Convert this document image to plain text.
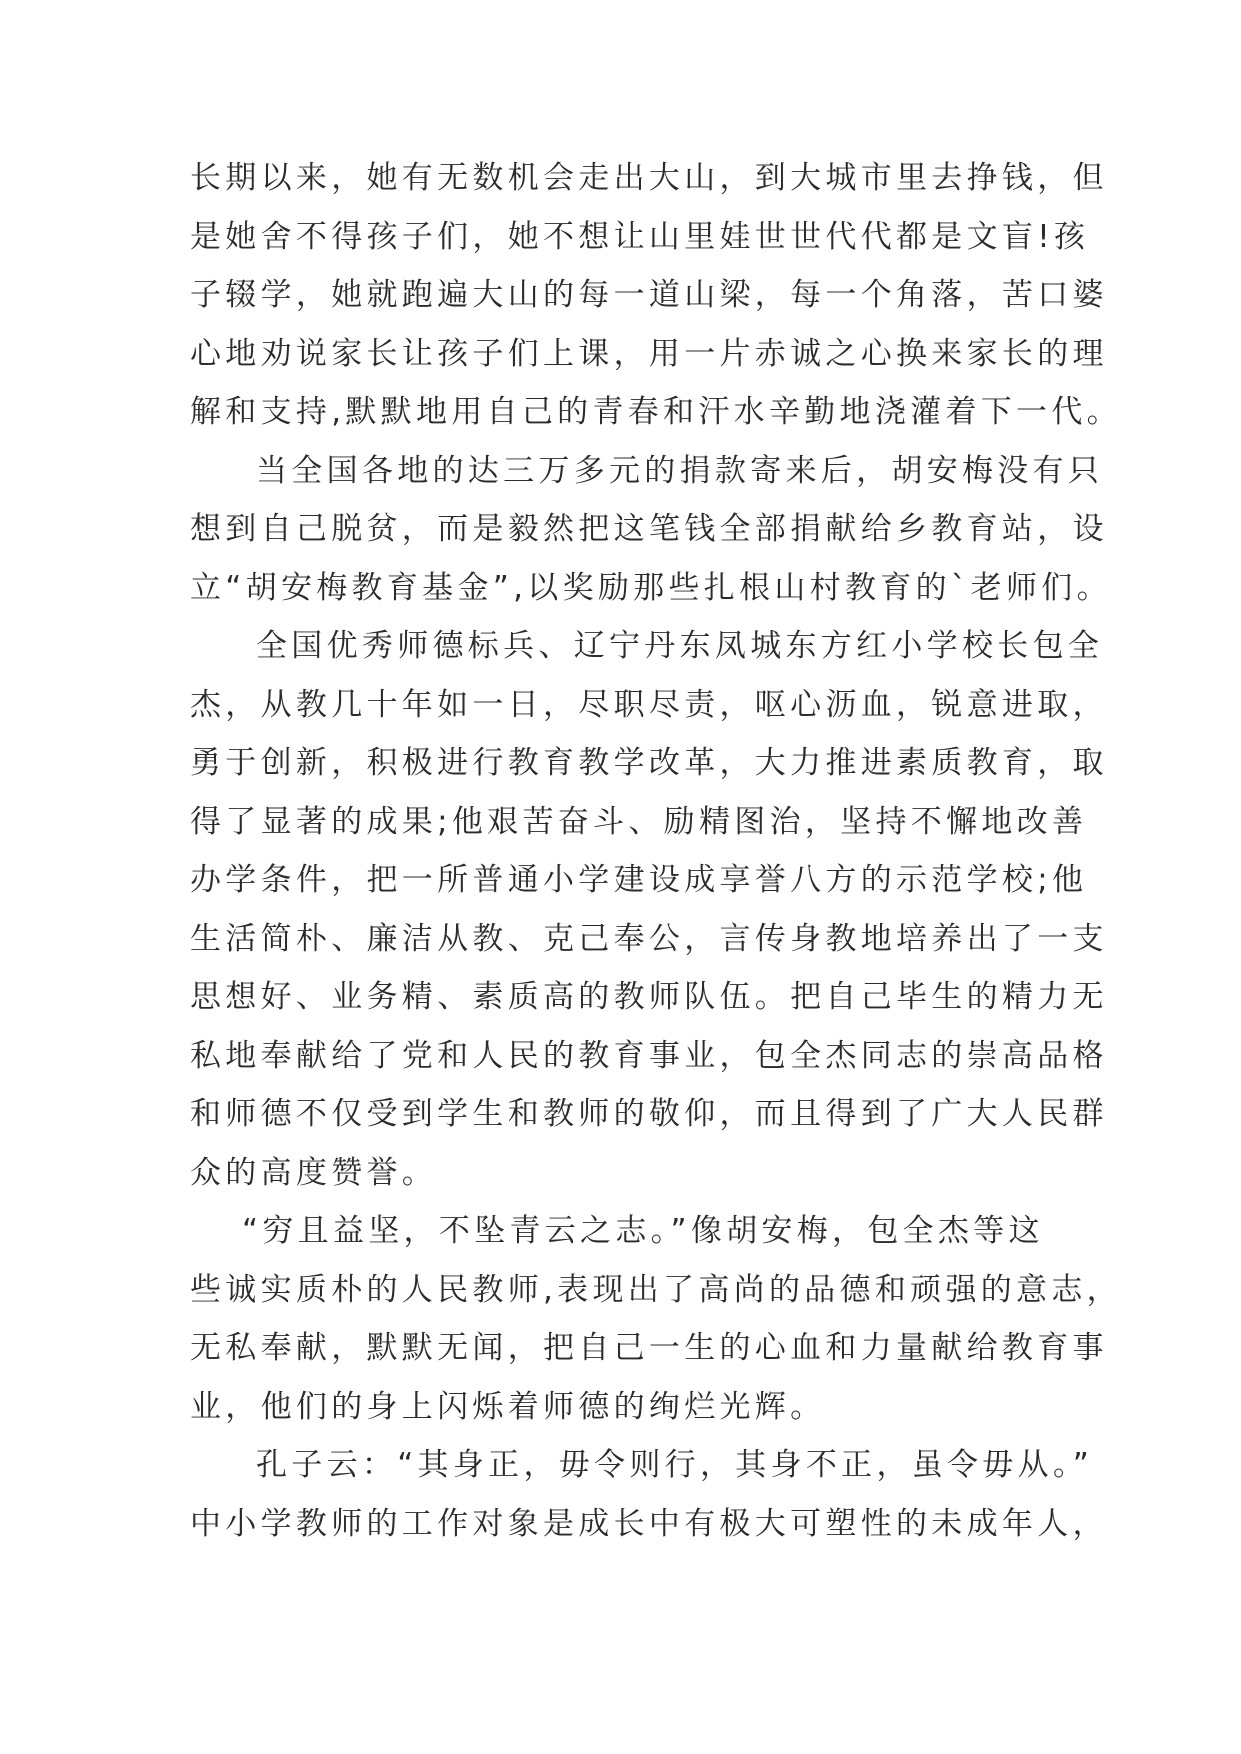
长期以来，她有无数机会走出大山，到大城市里去挣钱，但
是她舍不得孩子们，她不想让山里娃世世代代都是文盲!孩
子辍学，她就跑遍大山的每一道山梁，每一个角落，苦口婆
心地劝说家长让孩子们上课，用一片赤诚之心换来家长的理
解和支持,默默地用自己的青春和汗水辛勤地浇灌着下一代。
当全国各地的达三万多元的捐款寄来后，胡安梅没有只
想到自己脱贫，而是毅然把这笔钱全部捐献给乡教育站，设
立“胡安梅教育基金”,以奖励那些扎根山村教育的`老师们。
全国优秀师德标兵、辽宁丹东凤城东方红小学校长包全
杰，从教几十年如一日，尽职尽责，呕心沥血，锐意进取，
勇于创新，积极进行教育教学改革，大力推进素质教育，取
得了显著的成果;他艰苦奋斗、励精图治，坚持不懈地改善
办学条件，把一所普通小学建设成享誉八方的示范学校;他
生活简朴、廉洁从教、克己奉公，言传身教地培养出了一支
思想好、业务精、素质高的教师队伍。把自己毕生的精力无
私地奉献给了党和人民的教育事业，包全杰同志的崇高品格
和师德不仅受到学生和教师的敬仰，而且得到了广大人民群
众的高度赞誉。
“穷且益坚，不坠青云之志。”像胡安梅，包全杰等这
些诚实质朴的人民教师,表现出了高尚的品德和顽强的意志，
无私奉献，默默无闻，把自己一生的心血和力量献给教育事
业，他们的身上闪烁着师德的绚烂光辉。
孔子云：“其身正，毋令则行，其身不正，虽令毋从。”
中小学教师的工作对象是成长中有极大可塑性的未成年人，
